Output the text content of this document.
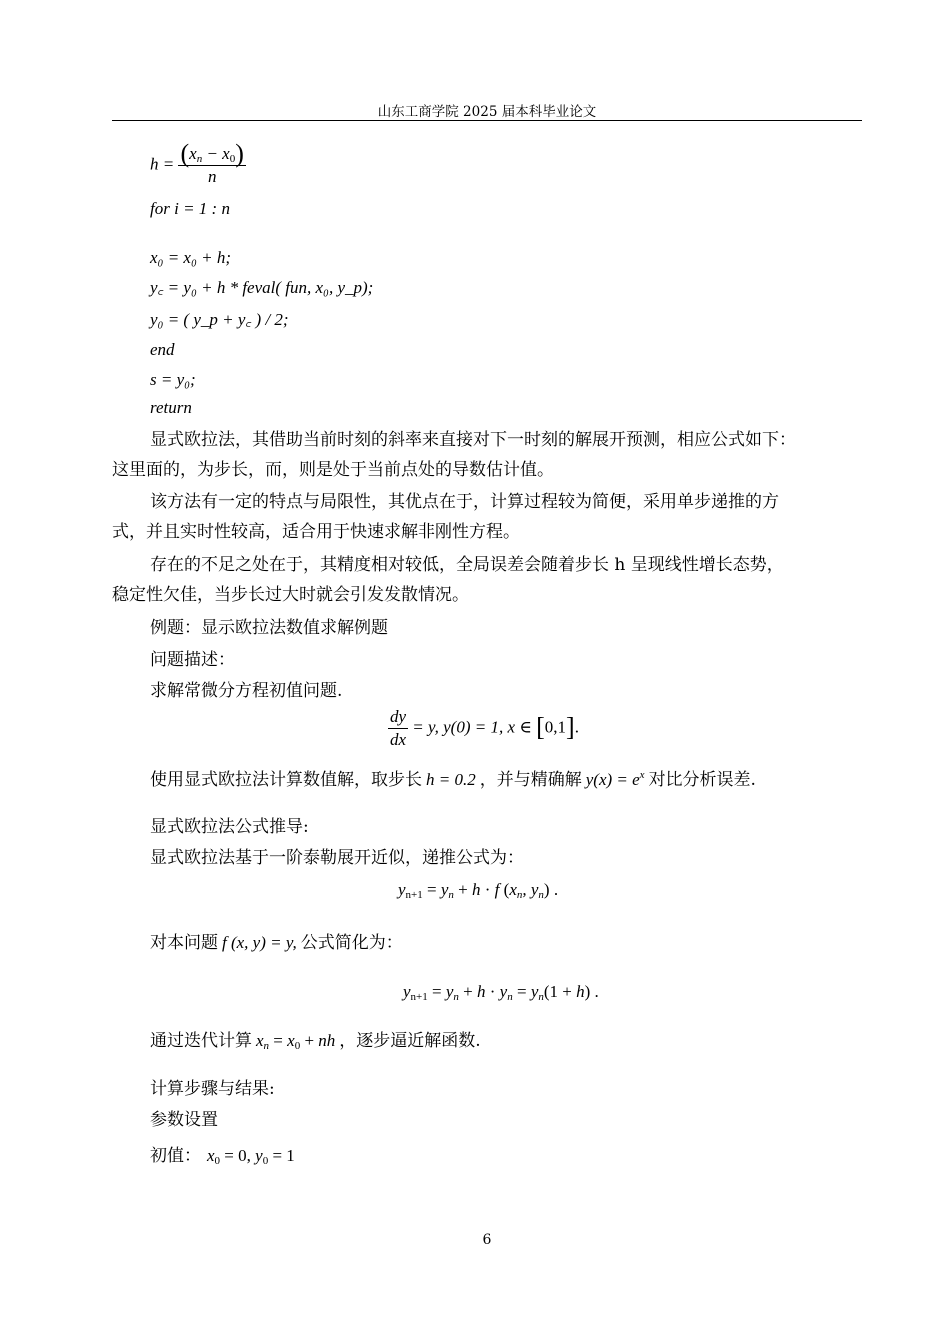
山东工商学院 2025 届本科毕业论文
$h = \frac{(x_n - x_0)}{n}$
for i = 1 : n
x₀ = x₀ + h;
y꜀ = y₀ + h * feval( fun, x₀, y_p);
y₀ = ( y_p + y꜀ ) / 2;
end
s = y₀;
return
显式欧拉法，其借助当前时刻的斜率来直接对下一时刻的解展开预测，相应公式如下：
这里面的，为步长，而，则是处于当前点处的导数估计值。
该方法有一定的特点与局限性，其优点在于，计算过程较为简便，采用单步递推的方
式，并且实时性较高，适合用于快速求解非刚性方程。
存在的不足之处在于，其精度相对较低，全局误差会随着步长 h 呈现线性增长态势，
稳定性欠佳，当步长过大时就会引发发散情况。
例题：显示欧拉法数值求解例题
问题描述：
求解常微分方程初值问题.
$\frac{dy}{dx} = y$, y(0) = 1, x ∈ [0,1].
使用显式欧拉法计算数值解，取步长 h = 0.2 ，并与精确解 $y(x) = e^x$ 对比分析误差.
显式欧拉法公式推导:
显式欧拉法基于一阶泰勒展开近似，递推公式为：
$y_{n+1} = y_n + h \cdot f$ ($x_n$, $y_n$) .
对本问题 f (x, y) = y, 公式简化为：
$y_{n+1} = y_n + h \cdot y_n = y_n(1 + h)$ .
通过迭代计算 $x_n = x_0$ + nh ，逐步逼近解函数.
计算步骤与结果:
参数设置
初值： $x_0 = 0$, $y_0 = 1$
6
